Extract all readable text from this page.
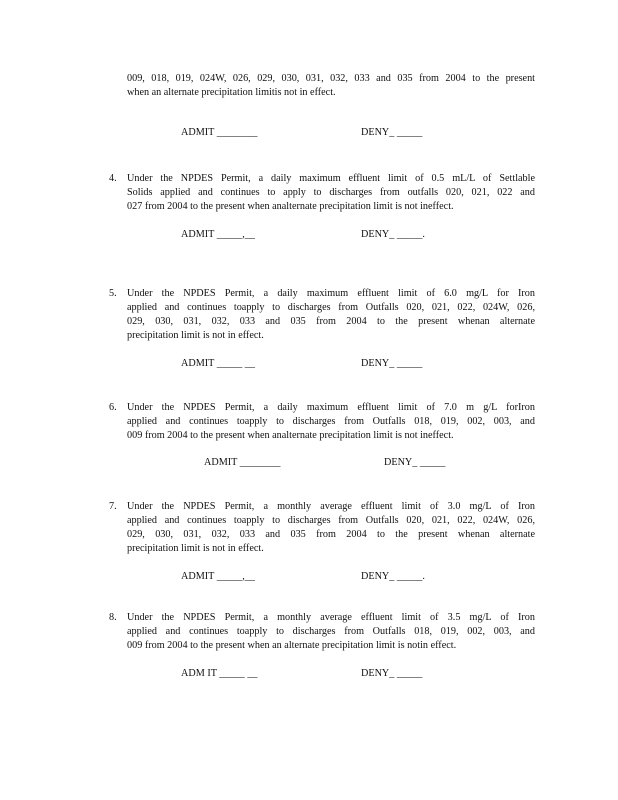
009, 018, 019, 024W, 026, 029, 030, 031, 032, 033 and 035 from 2004 to the present
when an alternate precipitation limitis not in effect.
ADMIT ________	DENY_ _____
4. Under the NPDES Permit, a daily maximum effluent limit of 0.5 mL/L of Settlable
Solids applied and continues to apply to discharges from outfalls 020, 021, 022 and
027 from 2004 to the present when analternate precipitation limit is not ineffect.
ADMIT _____,__	DENY_ _____.
5. Under the NPDES Permit, a daily maximum effluent limit of 6.0 mg/L for Iron
applied and continues toapply to discharges from Outfalls 020, 021, 022, 024W, 026,
029, 030, 031, 032, 033 and 035 from 2004 to the present whenan alternate
precipitation limit is not in effect.
ADMIT _____ __	DENY_ _____
6. Under the NPDES Permit, a daily maximum effluent limit of 7.0 m g/L forIron
applied and continues toapply to discharges from Outfalls 018, 019, 002, 003, and
009 from 2004 to the present when analternate precipitation limit is not ineffect.
ADMIT ________	DENY_ _____
7. Under the NPDES Permit, a monthly average effluent limit of 3.0 mg/L of Iron
applied and continues toapply to discharges from Outfalls 020, 021, 022, 024W, 026,
029, 030, 031, 032, 033 and 035 from 2004 to the present whenan alternate
precipitation limit is not in effect.
ADMIT _____,__	DENY_ _____.
8. Under the NPDES Permit, a monthly average effluent limit of 3.5 mg/L of Iron
applied and continues toapply to discharges from Outfalls 018, 019, 002, 003, and
009 from 2004 to the present when an alternate precipitation limit is notin effect.
ADM IT _____ __	DENY_ _____
